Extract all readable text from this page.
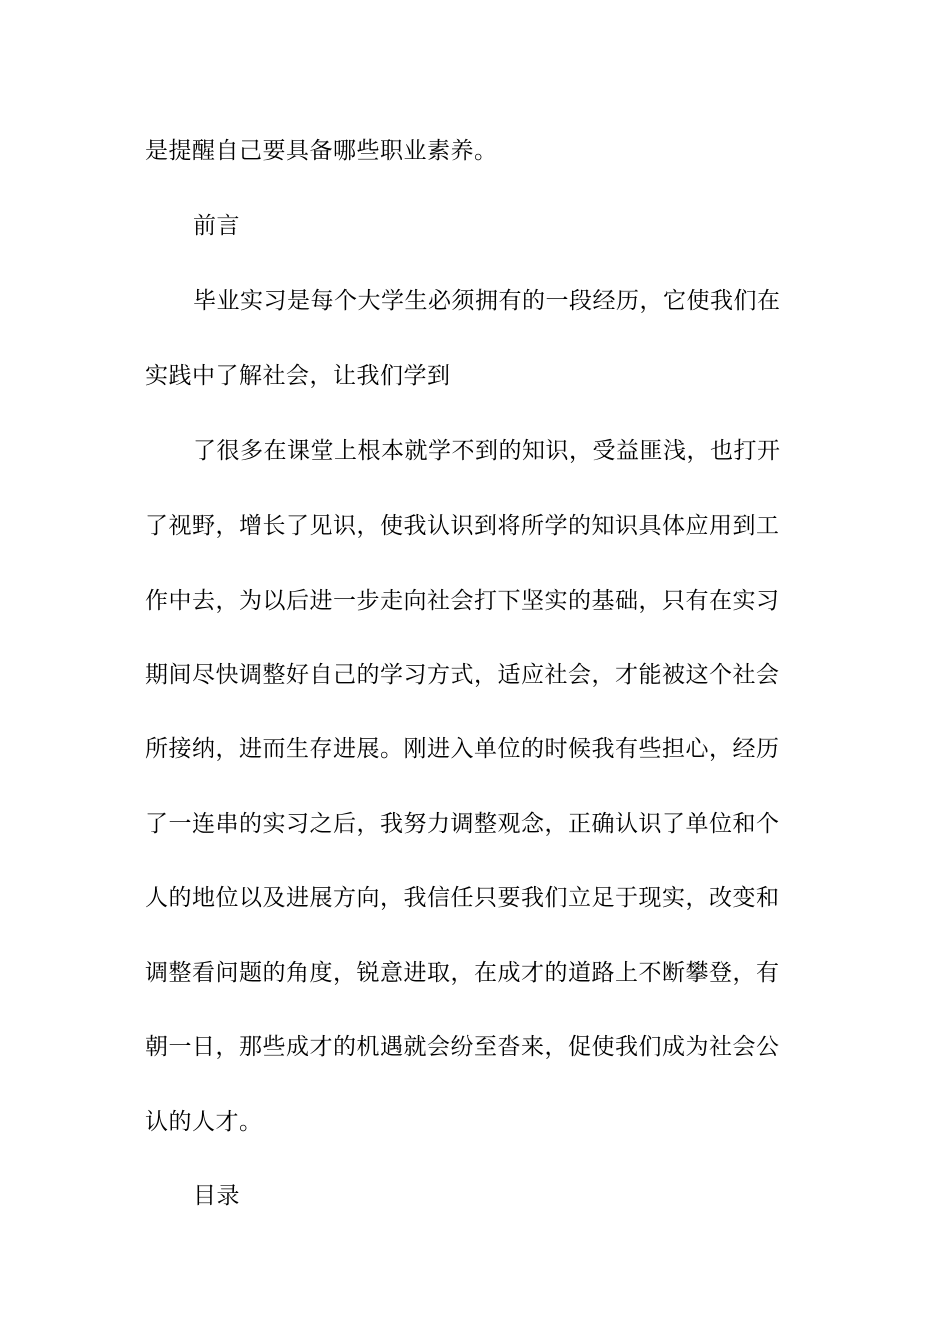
是提醒自己要具备哪些职业素养。
前言
毕业实习是每个大学生必须拥有的一段经历，它使我们在
实践中了解社会，让我们学到
了很多在课堂上根本就学不到的知识，受益匪浅，也打开
了视野，增长了见识，使我认识到将所学的知识具体应用到工
作中去，为以后进一步走向社会打下坚实的基础，只有在实习
期间尽快调整好自己的学习方式，适应社会，才能被这个社会
所接纳，进而生存进展。刚进入单位的时候我有些担心，经历
了一连串的实习之后，我努力调整观念，正确认识了单位和个
人的地位以及进展方向，我信任只要我们立足于现实，改变和
调整看问题的角度，锐意进取，在成才的道路上不断攀登，有
朝一日，那些成才的机遇就会纷至沓来，促使我们成为社会公
认的人才。
目录
